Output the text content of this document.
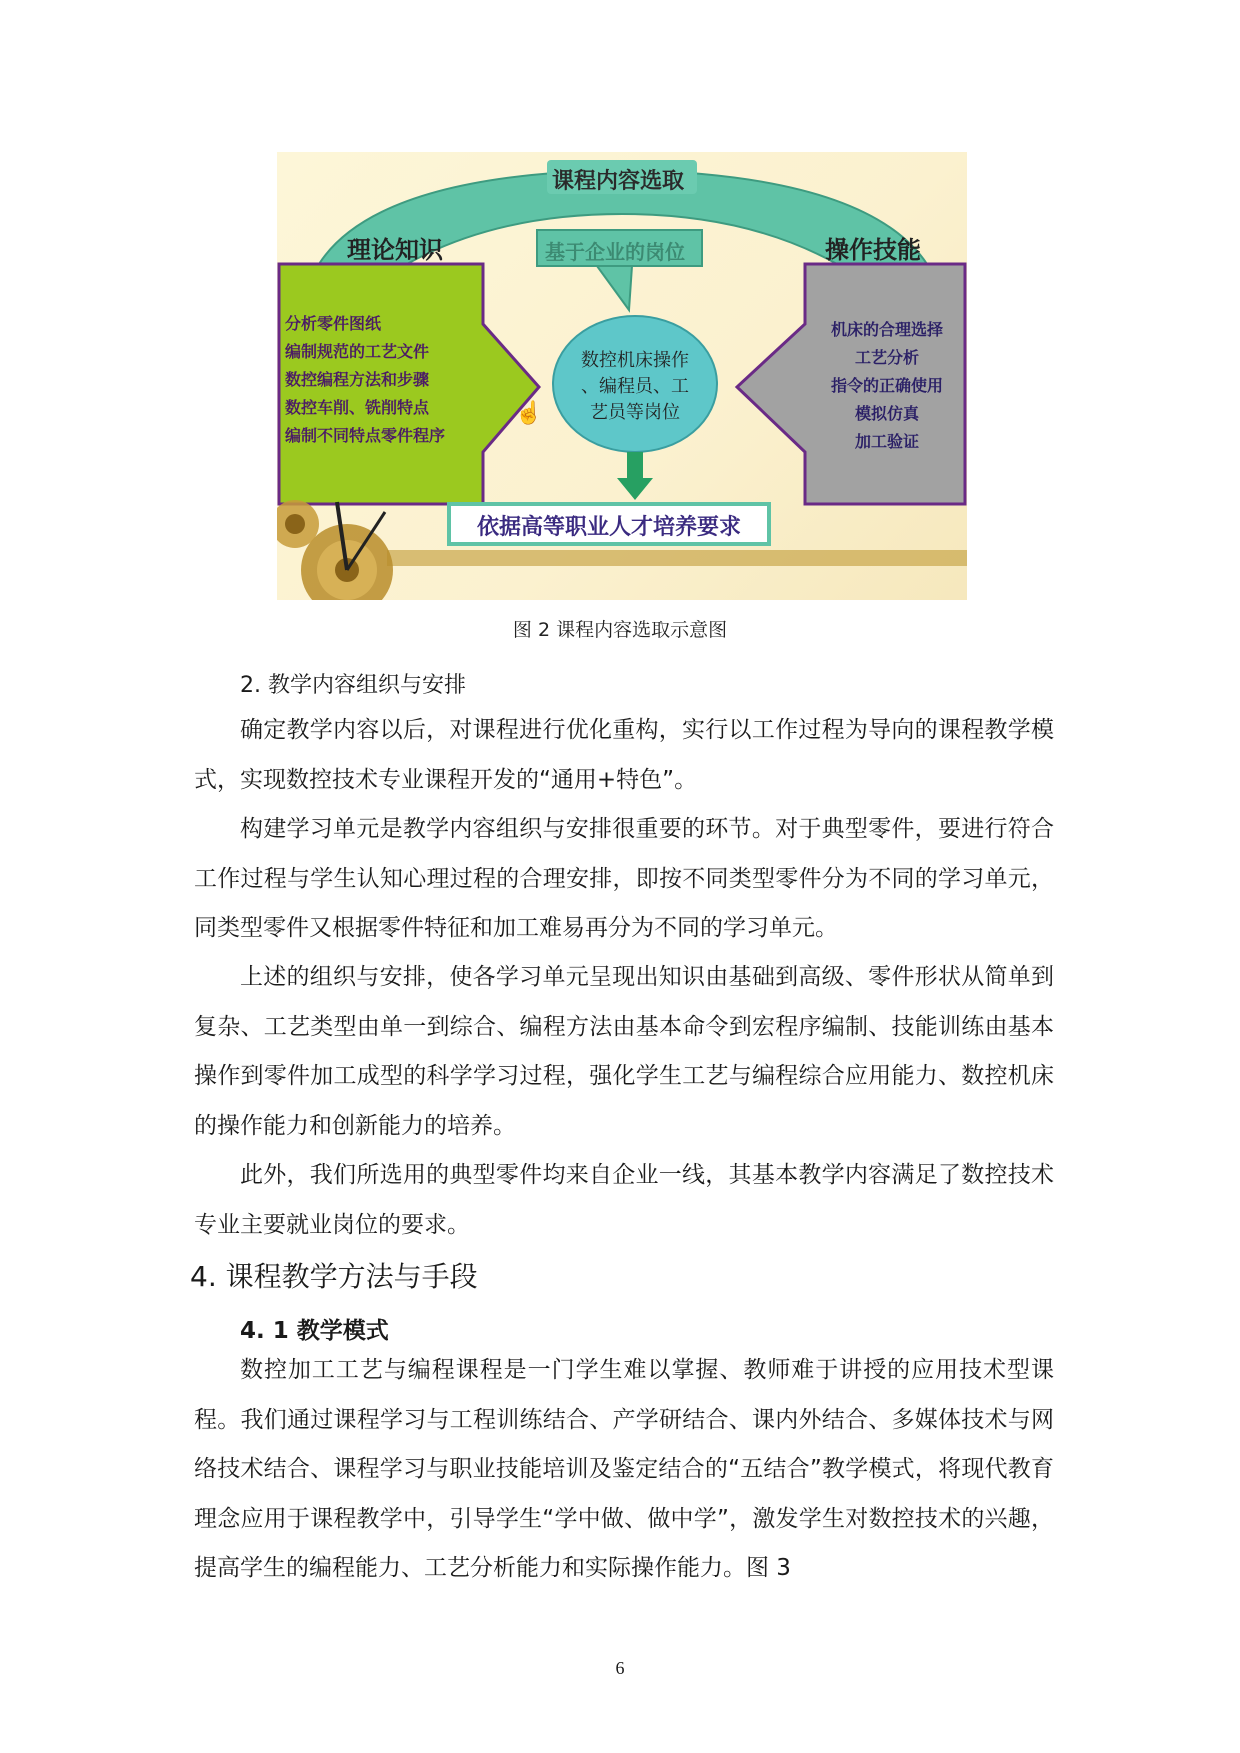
☝
课程内容选取
理论知识	操作技能
基于企业的岗位
分析零件图纸
编制规范的工艺文件
数控编程方法和步骤
数控车削、铣削特点
编制不同特点零件程序
数控机床操作
、编程员、工
艺员等岗位
机床的合理选择
工艺分析
指令的正确使用
模拟仿真
加工验证
依据高等职业人才培养要求
图 2 课程内容选取示意图
2. 教学内容组织与安排
确定教学内容以后，对课程进行优化重构，实行以工作过程为导向的课程教学模式，实现数控技术专业课程开发的“通用+特色”。
构建学习单元是教学内容组织与安排很重要的环节。对于典型零件，要进行符合工作过程与学生认知心理过程的合理安排，即按不同类型零件分为不同的学习单元，同类型零件又根据零件特征和加工难易再分为不同的学习单元。
上述的组织与安排，使各学习单元呈现出知识由基础到高级、零件形状从简单到复杂、工艺类型由单一到综合、编程方法由基本命令到宏程序编制、技能训练由基本操作到零件加工成型的科学学习过程，强化学生工艺与编程综合应用能力、数控机床的操作能力和创新能力的培养。
此外，我们所选用的典型零件均来自企业一线，其基本教学内容满足了数控技术专业主要就业岗位的要求。
4. 课程教学方法与手段
4. 1 教学模式
数控加工工艺与编程课程是一门学生难以掌握、教师难于讲授的应用技术型课程。我们通过课程学习与工程训练结合、产学研结合、课内外结合、多媒体技术与网络技术结合、课程学习与职业技能培训及鉴定结合的“五结合”教学模式，将现代教育理念应用于课程教学中，引导学生“学中做、做中学”，激发学生对数控技术的兴趣，提高学生的编程能力、工艺分析能力和实际操作能力。图 3
6
